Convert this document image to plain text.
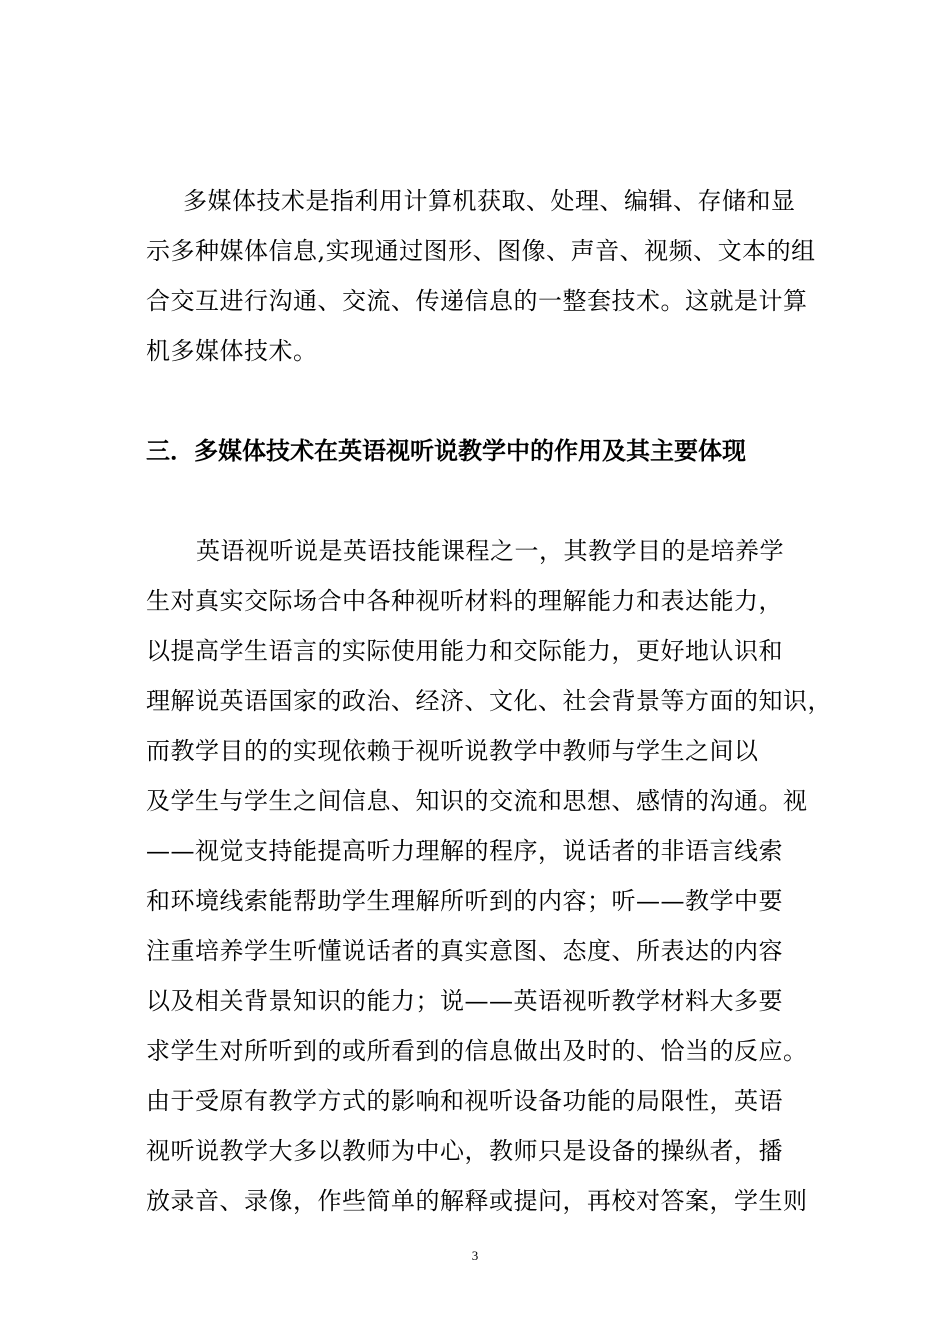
多媒体技术是指利用计算机获取、处理、编辑、存储和显
示多种媒体信息,实现通过图形、图像、声音、视频、文本的组
合交互进行沟通、交流、传递信息的一整套技术。这就是计算
机多媒体技术。
三．多媒体技术在英语视听说教学中的作用及其主要体现
英语视听说是英语技能课程之一，其教学目的是培养学
生对真实交际场合中各种视听材料的理解能力和表达能力，
以提高学生语言的实际使用能力和交际能力，更好地认识和
理解说英语国家的政治、经济、文化、社会背景等方面的知识，
而教学目的的实现依赖于视听说教学中教师与学生之间以
及学生与学生之间信息、知识的交流和思想、感情的沟通。视
——视觉支持能提高听力理解的程序，说话者的非语言线索
和环境线索能帮助学生理解所听到的内容；听——教学中要
注重培养学生听懂说话者的真实意图、态度、所表达的内容
以及相关背景知识的能力；说——英语视听教学材料大多要
求学生对所听到的或所看到的信息做出及时的、恰当的反应。
由于受原有教学方式的影响和视听设备功能的局限性，英语
视听说教学大多以教师为中心，教师只是设备的操纵者，播
放录音、录像，作些简单的解释或提问，再校对答案，学生则
3
